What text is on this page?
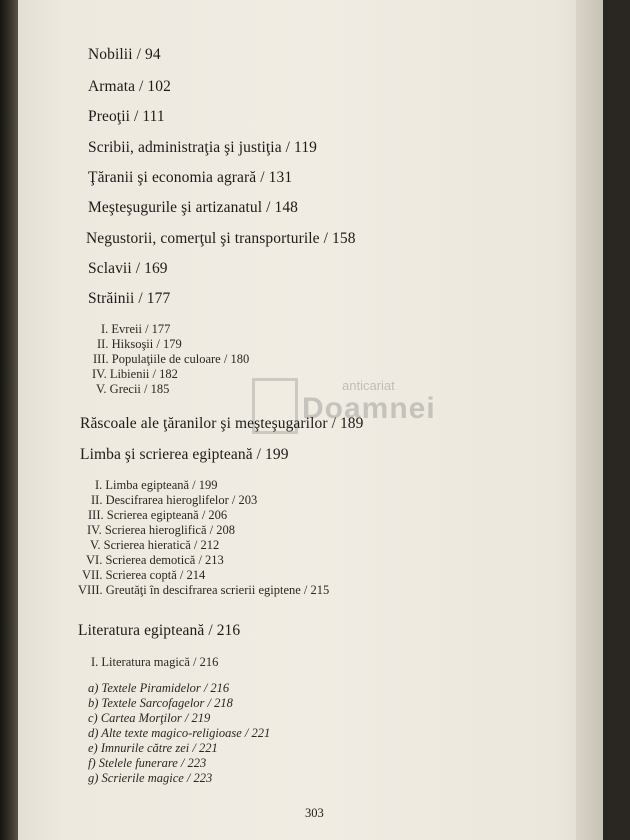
Nobilii / 94
Armata / 102
Preoţii / 111
Scribii, administraţia şi justiţia / 119
Ţăranii şi economia agrară / 131
Meşteşugurile şi artizanatul / 148
Negustorii, comerţul şi transporturile / 158
Sclavii / 169
Străinii / 177
I. Evreii / 177
II. Hiksoşii / 179
III. Populaţiile de culoare / 180
IV. Libienii / 182
V. Grecii / 185	anticariat
Doamnei
Răscoale ale ţăranilor şi meşteşugarilor / 189
Limba şi scrierea egipteană / 199
I. Limba egipteană / 199
II. Descifrarea hieroglifelor / 203
III. Scrierea egipteană / 206
IV. Scrierea hieroglifică / 208
V. Scrierea hieratică / 212
VI. Scrierea demotică / 213
VII. Scrierea coptă / 214
VIII. Greutăţi în descifrarea scrierii egiptene / 215
Literatura egipteană / 216
I. Literatura magică / 216
a) Textele Piramidelor / 216
b) Textele Sarcofagelor / 218
c) Cartea Morţilor / 219
d) Alte texte magico-religioase / 221
e) Imnurile către zei / 221
f) Stelele funerare / 223
g) Scrierile magice / 223
303
